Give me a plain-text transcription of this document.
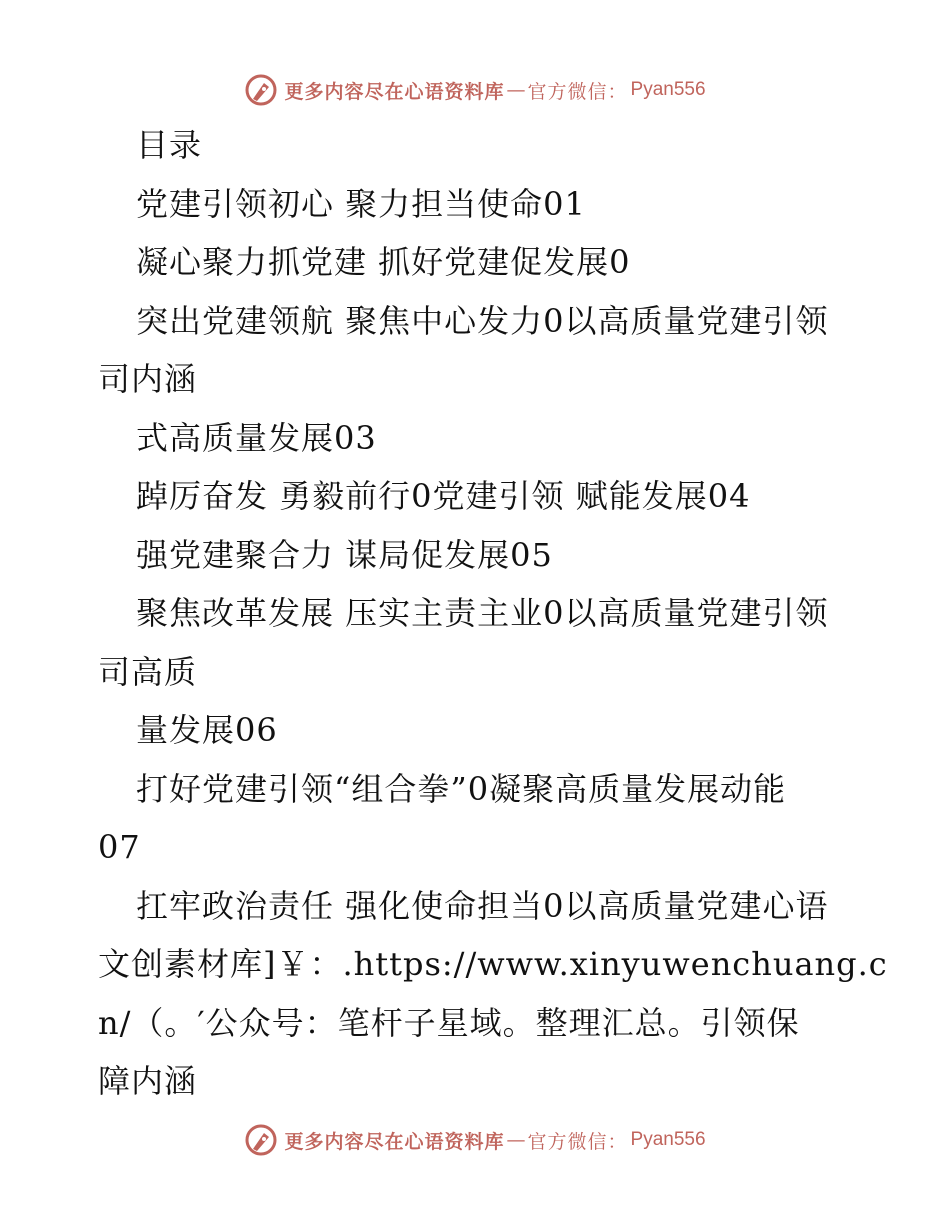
更多内容尽在心语资料库 — 官方微信 ： Pyan556
目录
党建引领初心 聚力担当使命01
凝心聚力抓党建 抓好党建促发展0
突出党建领航 聚焦中心发力0以高质量党建引领
司内涵
式高质量发展03
踔厉奋发 勇毅前行0党建引领 赋能发展04
强党建聚合力 谋局促发展05
聚焦改革发展 压实主责主业0以高质量党建引领
司高质
量发展06
打好党建引领“组合拳”0凝聚高质量发展动能
07
扛牢政治责任 强化使命担当0以高质量党建心语
文创素材库]￥：.https://www.xinyuwenchuang.c
n/（。′公众号：笔杆子星域。整理汇总。引领保
障内涵
更多内容尽在心语资料库 — 官方微信 ： Pyan556
